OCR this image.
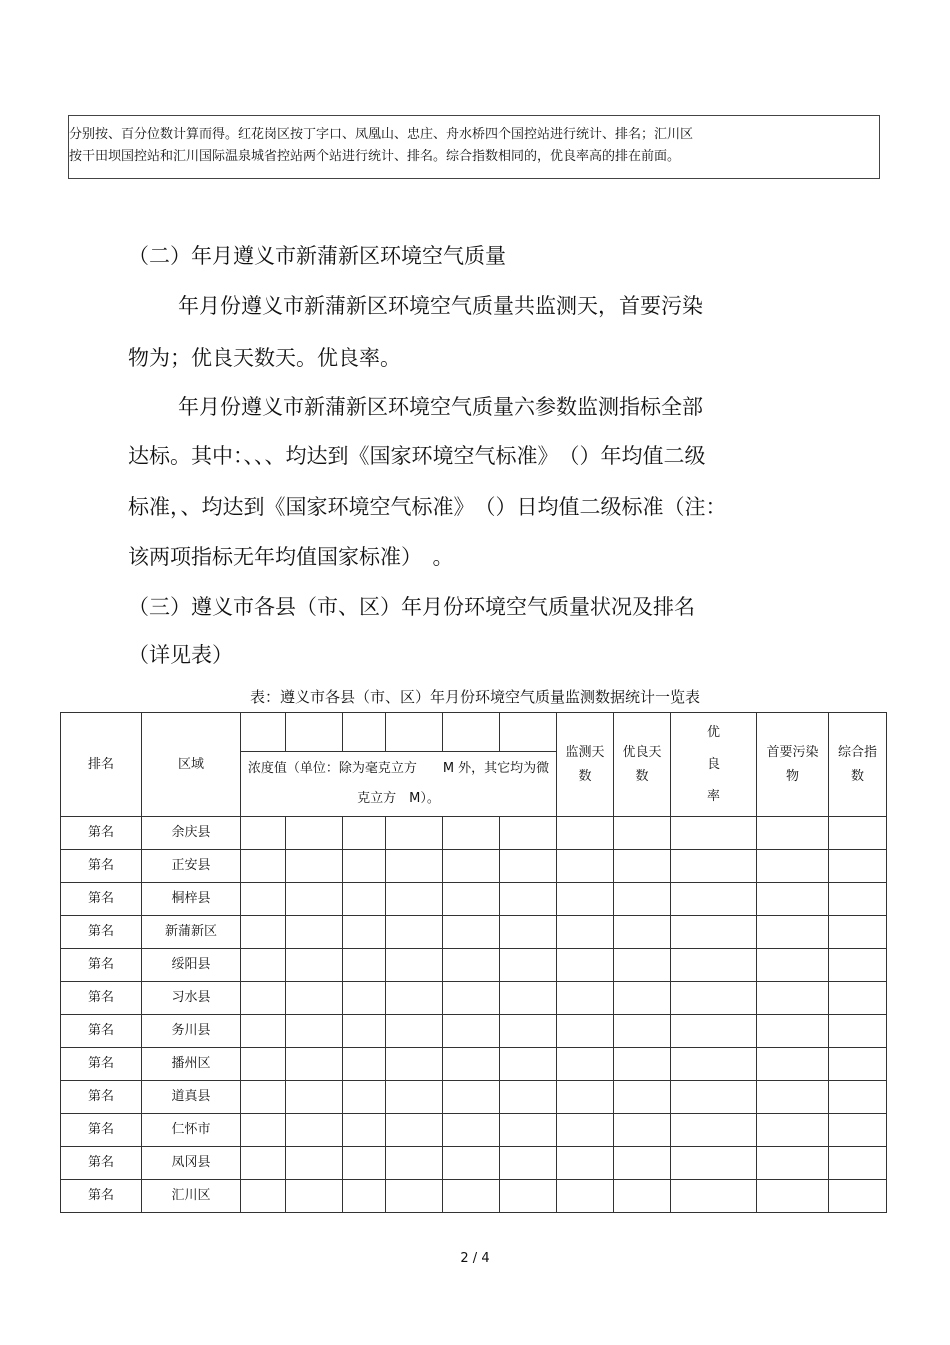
分别按、百分位数计算而得。红花岗区按丁字口、凤凰山、忠庄、舟水桥四个国控站进行统计、排名；汇川区
按干田坝国控站和汇川国际温泉城省控站两个站进行统计、排名。综合指数相同的，优良率高的排在前面。
（二）年月遵义市新蒲新区环境空气质量
年月份遵义市新蒲新区环境空气质量共监测天，首要污染
物为；优良天数天。优良率。
年月份遵义市新蒲新区环境空气质量六参数监测指标全部
达标。其中：、、、均达到《国家环境空气标准》　（）年均值二级
标准，、均达到《国家环境空气标准》　（）日均值二级标准（注：
该两项指标无年均值国家标准）　。
（三）遵义市各县（市、区）年月份环境空气质量状况及排名
（详见表）
表：遵义市各县（市、区）年月份环境空气质量监测数据统计一览表
排名	区域							监测天数	优良天数	优良率	首要污染物	综合指数
		浓度值（单位：除为毫克立方　　M 外，其它均为微克立方　M）。										
第名	余庆县											
第名	正安县											
第名	桐梓县											
第名	新蒲新区											
第名	绥阳县											
第名	习水县											
第名	务川县											
第名	播州区											
第名	道真县											
第名	仁怀市											
第名	凤冈县											
第名	汇川区											
2 / 4
